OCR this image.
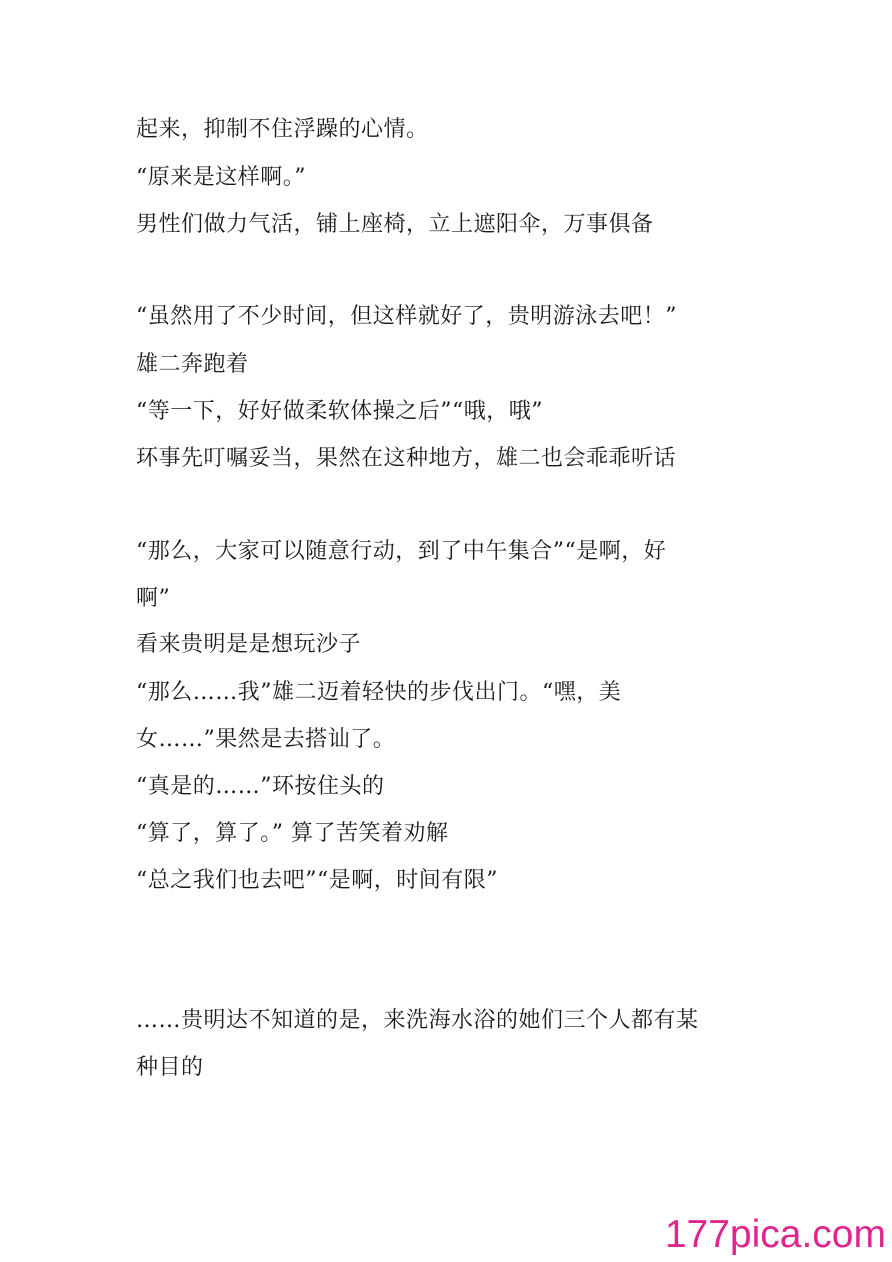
起来，抑制不住浮躁的心情。
“原来是这样啊。”
男性们做力气活，铺上座椅，立上遮阳伞，万事俱备
“虽然用了不少时间，但这样就好了，贵明游泳去吧！”
雄二奔跑着
“等一下，好好做柔软体操之后”“哦，哦”
环事先叮嘱妥当，果然在这种地方，雄二也会乖乖听话
“那么，大家可以随意行动，到了中午集合”“是啊，好
啊”
看来贵明是是想玩沙子
“那么……我”雄二迈着轻快的步伐出门。“嘿，美
女……”果然是去搭讪了。
“真是的……”环按住头的
“算了，算了。” 算了苦笑着劝解
“总之我们也去吧”“是啊，时间有限”
……贵明达不知道的是，来洗海水浴的她们三个人都有某
种目的
177pica.com
